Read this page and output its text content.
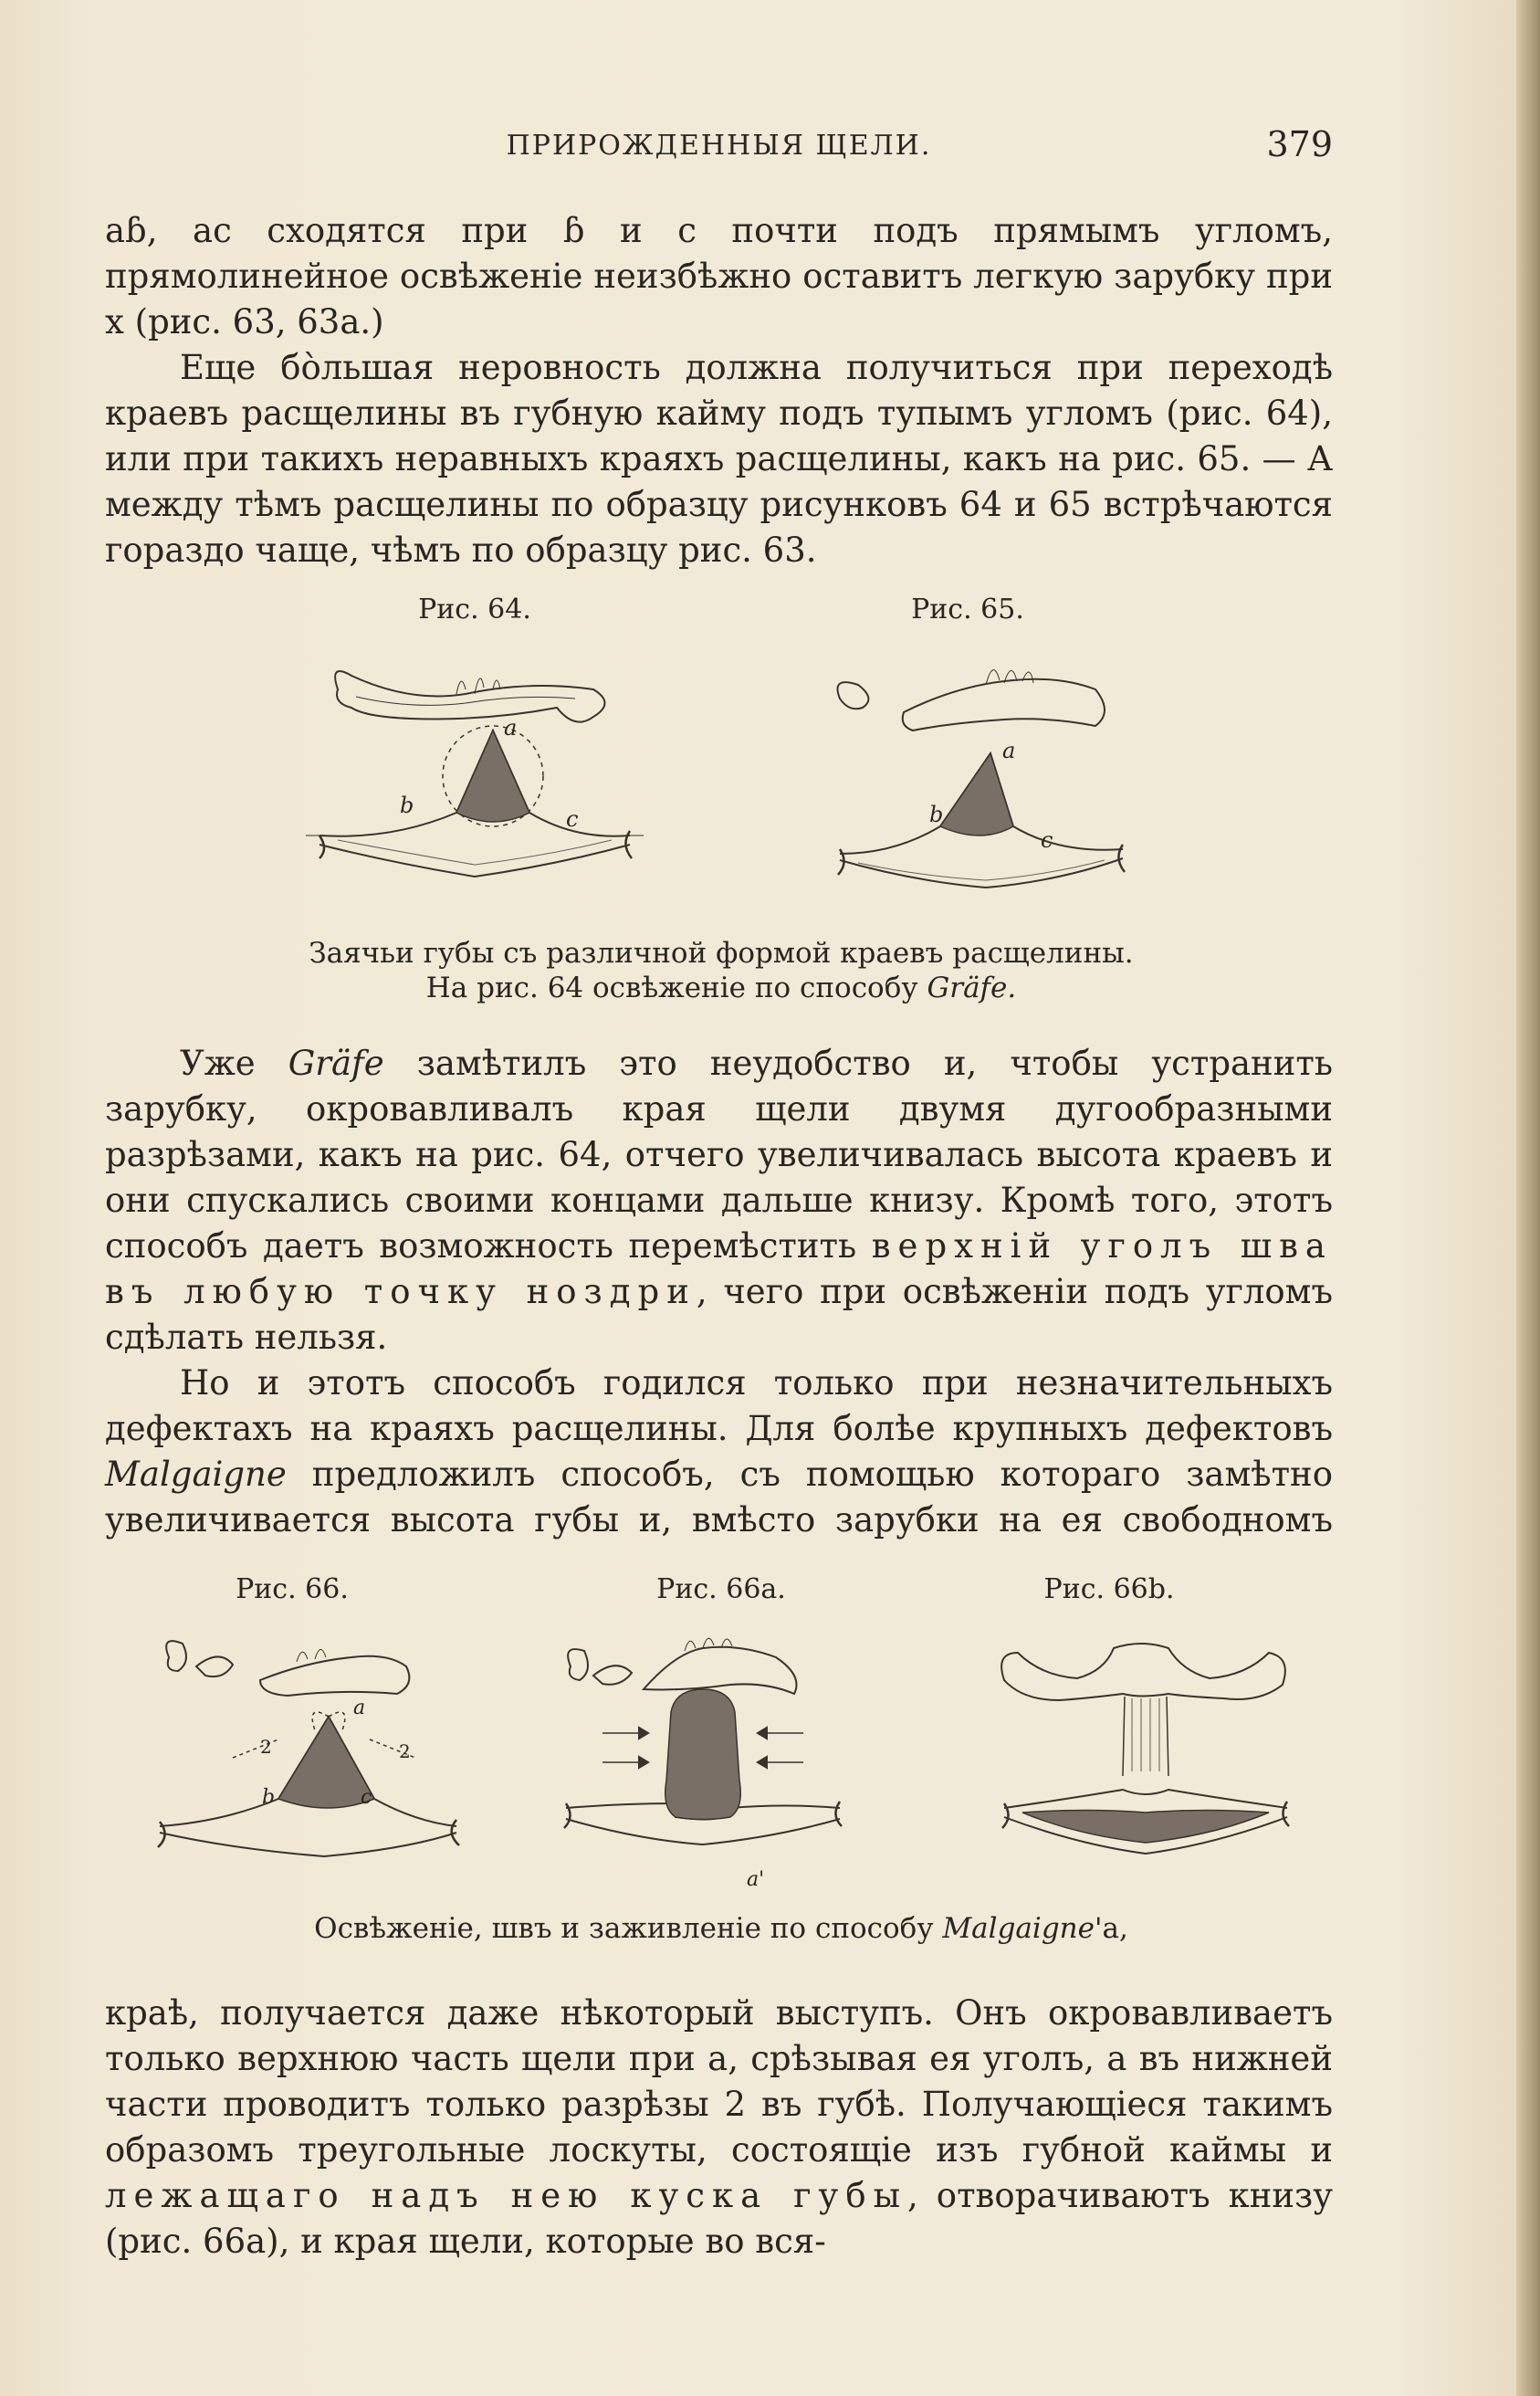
ПРИРОЖДЕННЫЯ ЩЕЛИ.	379

aɓ, ac сходятся при ɓ и c почти подъ прямымъ угломъ, прямолинейное освѣженіе неизбѣжно оставитъ легкую зарубку при x (рис. 63, 63a.)

Еще бо̀льшая неровность должна получиться при переходѣ краевъ расщелины въ губную кайму подъ тупымъ угломъ (рис. 64), или при такихъ неравныхъ краяхъ расщелины, какъ на рис. 65. — А между тѣмъ расщелины по образцу рисунковъ 64 и 65 встрѣчаются гораздо чаще, чѣмъ по образцу рис. 63.

Рис. 64.	Рис. 65.
a
b
c
a
b
c
Заячьи губы съ различной формой краевъ расщелины.
На рис. 64 освѣженіе по способу Gräfe.

Уже Gräfe замѣтилъ это неудобство и, чтобы устранить зарубку, окровавливалъ края щели двумя дугообразными разрѣзами, какъ на рис. 64, отчего увеличивалась высота краевъ и они спускались своими концами дальше книзу. Кромѣ того, этотъ способъ даетъ возможность перемѣстить верхній уголъ шва въ любую точку ноздри, чего при освѣженіи подъ угломъ сдѣлать нельзя.

Но и этотъ способъ годился только при незначительныхъ дефектахъ на краяхъ расщелины. Для болѣе крупныхъ дефектовъ Malgaigne предложилъ способъ, съ помощью котораго замѣтно увеличивается высота губы и, вмѣсто зарубки на ея свободномъ

Рис. 66.	Рис. 66a.	Рис. 66b.
a
2	2
b	c
a'
Освѣженіе, швъ и заживленіе по способу Malgaigne'a,

краѣ, получается даже нѣкоторый выступъ. Онъ окровавливаетъ только верхнюю часть щели при a, срѣзывая ея уголъ, а въ нижней части проводитъ только разрѣзы 2 въ губѣ. Получающіеся такимъ образомъ треугольные лоскуты, состоящіе изъ губной каймы и лежащаго надъ нею куска губы, отворачиваютъ книзу (рис. 66a), и края щели, которые во вся-
